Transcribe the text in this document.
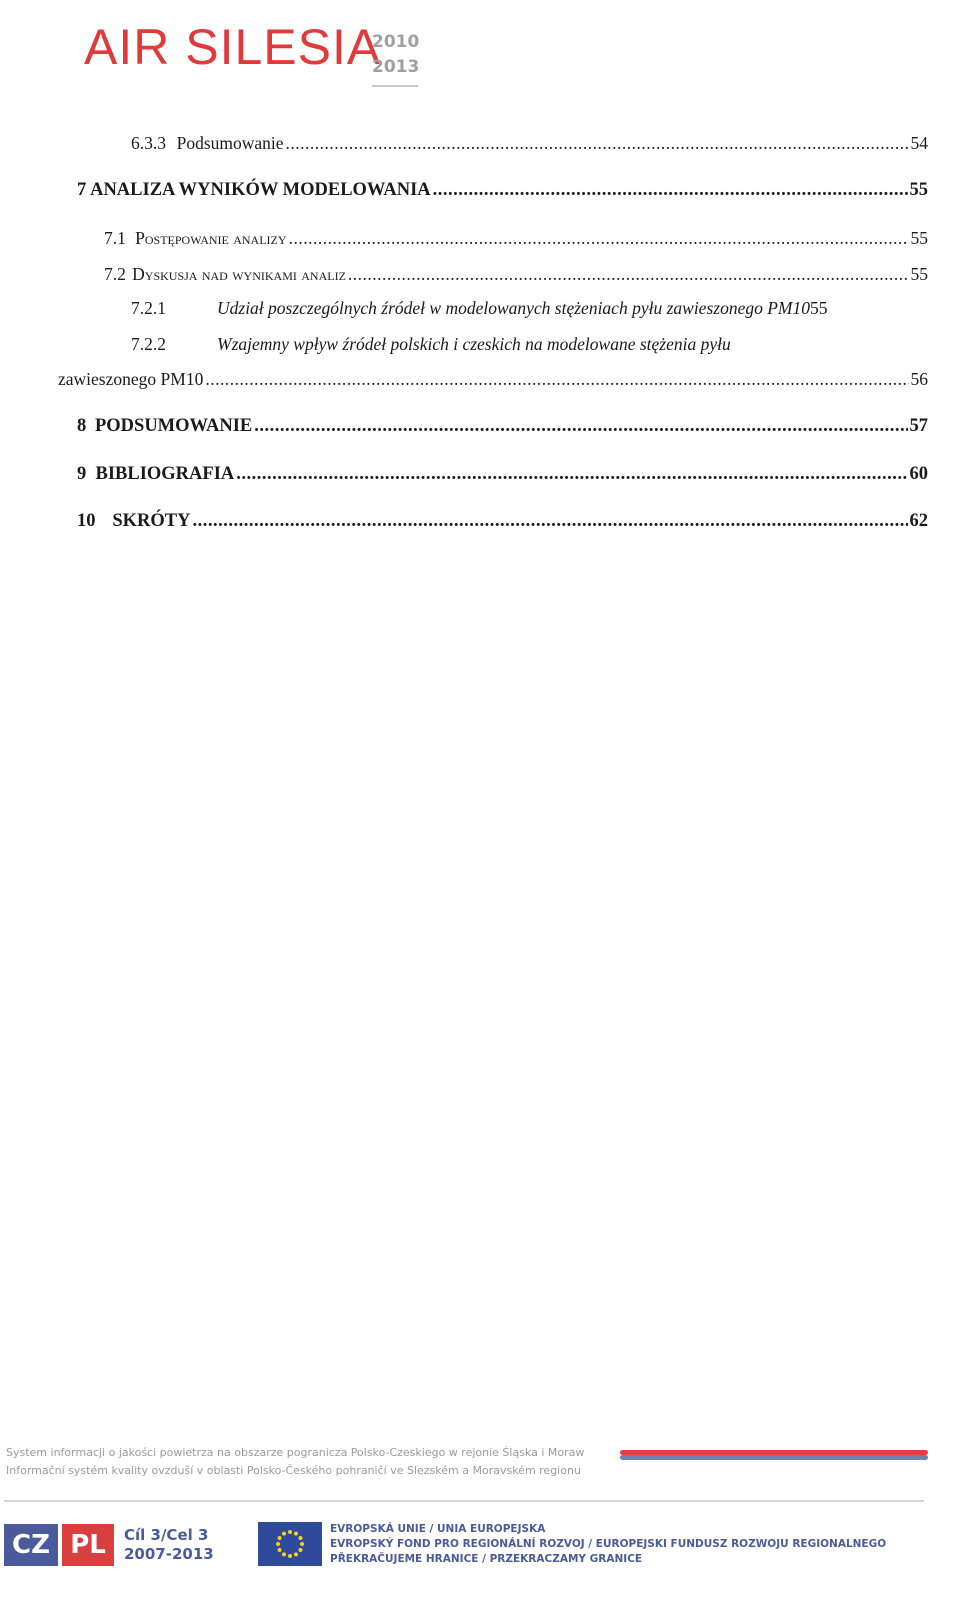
AIR SILESIA
2010
2013
6.3.3 Podsumowanie .....	54
7 ANALIZA WYNIKÓW MODELOWANIA .....	55
7.1 Postępowanie analizy .....	55
7.2 Dyskusja nad wynikami analiz .....	55
7.2.1	Udział poszczególnych źródeł w modelowanych stężeniach pyłu zawieszonego PM10 55
7.2.2	Wzajemny wpływ źródeł polskich i czeskich na modelowane stężenia pyłu
zawieszonego PM10 .....	56
8 PODSUMOWANIE .....	57
9 BIBLIOGRAFIA .....	60
10 SKRÓTY .....	62
System informacji o jakości powietrza na obszarze pogranicza Polsko-Czeskiego w rejonie Śląska i Moraw
Informační systém kvality ovzduší v oblasti Polsko-Českého pohraničí ve Slezském a Moravském regionu
CZ PL	Cíl 3/Cel 3
2007-2013
EVROPSKÁ UNIE / UNIA EUROPEJSKA
EVROPSKÝ FOND PRO REGIONÁLNÍ ROZVOJ / EUROPEJSKI FUNDUSZ ROZWOJU REGIONALNEGO
PŘEKRAČUJEME HRANICE / PRZEKRACZAMY GRANICE
